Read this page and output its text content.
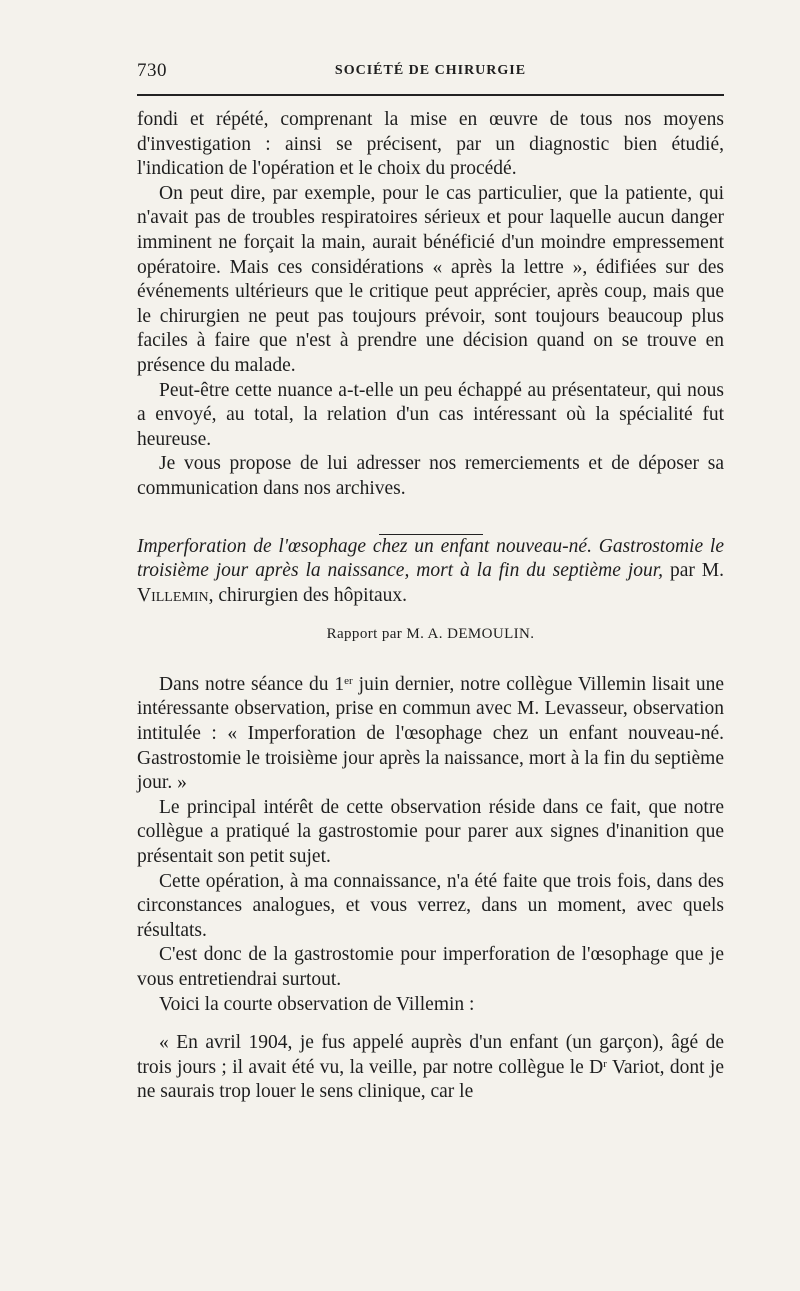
730	SOCIÉTÉ DE CHIRURGIE

fondi et répété, comprenant la mise en œuvre de tous nos moyens d'investigation : ainsi se précisent, par un diagnostic bien étudié, l'indication de l'opération et le choix du procédé.

On peut dire, par exemple, pour le cas particulier, que la patiente, qui n'avait pas de troubles respiratoires sérieux et pour laquelle aucun danger imminent ne forçait la main, aurait bénéficié d'un moindre empressement opératoire. Mais ces considérations « après la lettre », édifiées sur des événements ultérieurs que le critique peut apprécier, après coup, mais que le chirurgien ne peut pas toujours prévoir, sont toujours beaucoup plus faciles à faire que n'est à prendre une décision quand on se trouve en présence du malade.

Peut-être cette nuance a-t-elle un peu échappé au présentateur, qui nous a envoyé, au total, la relation d'un cas intéressant où la spécialité fut heureuse.

Je vous propose de lui adresser nos remerciements et de déposer sa communication dans nos archives.

Imperforation de l'œsophage chez un enfant nouveau-né. Gastrostomie le troisième jour après la naissance, mort à la fin du septième jour, par M. Villemin, chirurgien des hôpitaux.

Rapport par M. A. DEMOULIN.

Dans notre séance du 1er juin dernier, notre collègue Villemin lisait une intéressante observation, prise en commun avec M. Levasseur, observation intitulée : « Imperforation de l'œsophage chez un enfant nouveau-né. Gastrostomie le troisième jour après la naissance, mort à la fin du septième jour. »

Le principal intérêt de cette observation réside dans ce fait, que notre collègue a pratiqué la gastrostomie pour parer aux signes d'inanition que présentait son petit sujet.

Cette opération, à ma connaissance, n'a été faite que trois fois, dans des circonstances analogues, et vous verrez, dans un moment, avec quels résultats.

C'est donc de la gastrostomie pour imperforation de l'œsophage que je vous entretiendrai surtout.

Voici la courte observation de Villemin :

« En avril 1904, je fus appelé auprès d'un enfant (un garçon), âgé de trois jours ; il avait été vu, la veille, par notre collègue le $D^r$ Variot, dont je ne saurais trop louer le sens clinique, car le
